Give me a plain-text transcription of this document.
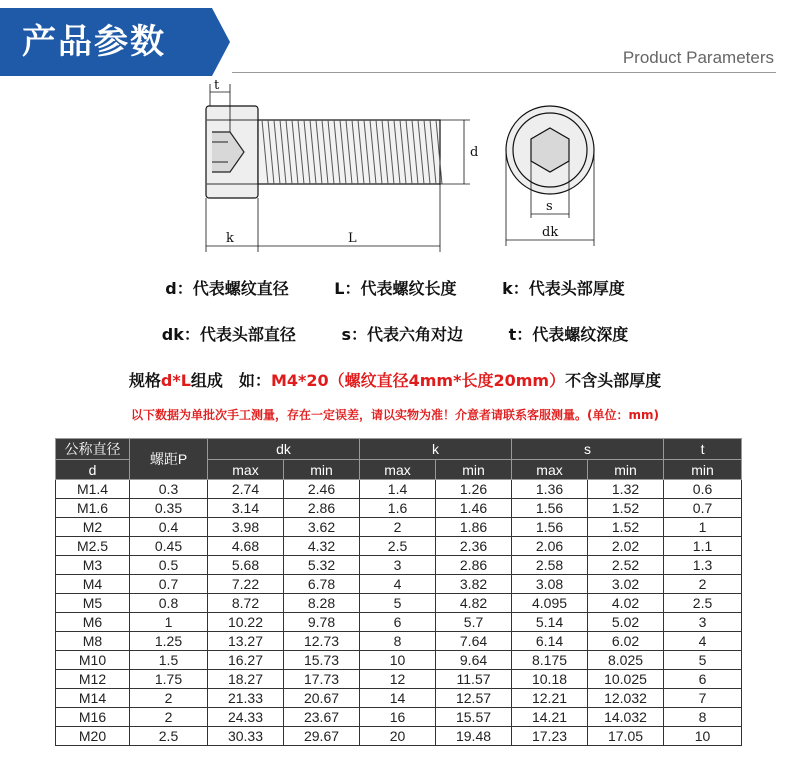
产品参数	Product Parameters
t
d
k	L
s
dk
d：代表螺纹直径	L：代表螺纹长度	k：代表头部厚度
dk：代表头部直径	s：代表六角对边	t：代表螺纹深度
规格d*L组成　如：M4*20（螺纹直径4mm*长度20mm）不含头部厚度
以下数据为单批次手工测量，存在一定误差，请以实物为准！介意者请联系客服测量。(单位：mm)
公称直径	螺距P	dk		k		s		t
d		max	min	max	min	max	min	min
M1.4	0.3	2.74	2.46	1.4	1.26	1.36	1.32	0.6
M1.6	0.35	3.14	2.86	1.6	1.46	1.56	1.52	0.7
M2	0.4	3.98	3.62	2	1.86	1.56	1.52	1
M2.5	0.45	4.68	4.32	2.5	2.36	2.06	2.02	1.1
M3	0.5	5.68	5.32	3	2.86	2.58	2.52	1.3
M4	0.7	7.22	6.78	4	3.82	3.08	3.02	2
M5	0.8	8.72	8.28	5	4.82	4.095	4.02	2.5
M6	1	10.22	9.78	6	5.7	5.14	5.02	3
M8	1.25	13.27	12.73	8	7.64	6.14	6.02	4
M10	1.5	16.27	15.73	10	9.64	8.175	8.025	5
M12	1.75	18.27	17.73	12	11.57	10.18	10.025	6
M14	2	21.33	20.67	14	12.57	12.21	12.032	7
M16	2	24.33	23.67	16	15.57	14.21	14.032	8
M20	2.5	30.33	29.67	20	19.48	17.23	17.05	10
